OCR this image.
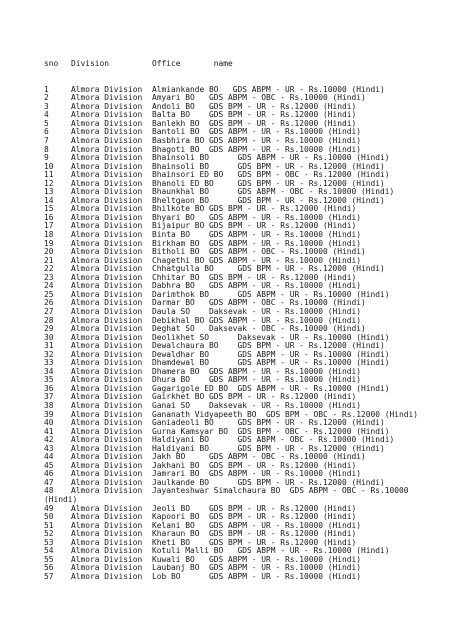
sno Division	Office	name

1	Almora Division Almiankande BO   GDS ABPM - UR - Rs.10000 (Hindi)
2	Almora Division Amyari BO   GDS ABPM - OBC - Rs.10000 (Hindi)
3	Almora Division Andoli BO   GDS BPM - UR - Rs.12000 (Hindi)
4	Almora Division Balta BO    GDS BPM - UR - Rs.12000 (Hindi)
5	Almora Division Banlekh BO  GDS BPM - UR - Rs.12000 (Hindi)
6	Almora Division Bantoli BO  GDS ABPM - UR - Rs.10000 (Hindi)
7	Almora Division Basbhira BO GDS ABPM - UR - Rs.10000 (Hindi)
8	Almora Division Bhagoti BO  GDS ABPM - UR - Rs.10000 (Hindi)
9	Almora Division Bhainsoli BO      GDS ABPM - UR - Rs.10000 (Hindi)
10 Almora Division Bhainsoli BO      GDS BPM - UR - Rs.12000 (Hindi)
11 Almora Division Bhainsori ED BO   GDS BPM - OBC - Rs.12000 (Hindi)
12 Almora Division Bhanoli ED BO     GDS BPM - UR - Rs.12000 (Hindi)
13 Almora Division Bhaunkhal BO      GDS ABPM - OBC - Rs.10000 (Hindi)
14 Almora Division Bheltgaon BO      GDS BPM - UR - Rs.12000 (Hindi)
15 Almora Division Bhilkote BO GDS BPM - UR - Rs.12000 (Hindi)
16 Almora Division Bhyari BO   GDS ABPM - UR - Rs.10000 (Hindi)
17 Almora Division Bijaipur BO GDS BPM - UR - Rs.12000 (Hindi)
18 Almora Division Binta BO    GDS ABPM - UR - Rs.10000 (Hindi)
19 Almora Division Birkham BO  GDS ABPM - UR - Rs.10000 (Hindi)
20 Almora Division Bitholi BO  GDS ABPM - OBC - Rs.10000 (Hindi)
21 Almora Division Chagethi BO GDS ABPM - UR - Rs.10000 (Hindi)
22 Almora Division Chhatgulla BO     GDS BPM - UR - Rs.12000 (Hindi)
23 Almora Division Chhitar BO  GDS BPM - UR - Rs.12000 (Hindi)
24 Almora Division Dabhra BO   GDS ABPM - UR - Rs.10000 (Hindi)
25 Almora Division Darimthok BO      GDS ABPM - UR - Rs.10000 (Hindi)
26 Almora Division Darmar BO   GDS ABPM - OBC - Rs.10000 (Hindi)
27 Almora Division Daula SO    Daksevak - UR - Rs.10000 (Hindi)
28 Almora Division Debikhal BO GDS ABPM - UR - Rs.10000 (Hindi)
29 Almora Division Deghat SO   Daksevak - OBC - Rs.10000 (Hindi)
30 Almora Division Deolikhet SO      Daksevak - UR - Rs.10000 (Hindi)
31 Almora Division Dewalchaura BO    GDS BPM - UR - Rs.12000 (Hindi)
32 Almora Division Dewaldhar BO      GDS ABPM - UR - Rs.10000 (Hindi)
33 Almora Division Dhamdewal BO      GDS ABPM - UR - Rs.10000 (Hindi)
34 Almora Division Dhamera BO  GDS ABPM - UR - Rs.10000 (Hindi)
35 Almora Division Dhura BO    GDS ABPM - UR - Rs.10000 (Hindi)
36 Almora Division Gagarigole ED BO  GDS ABPM - UR - Rs.10000 (Hindi)
37 Almora Division Gairkhet BO GDS BPM - UR - Rs.12000 (Hindi)
38 Almora Division Ganai SO    Daksevak - UR - Rs.10000 (Hindi)
39 Almora Division Gananath Vidyapeeth BO  GDS BPM - OBC - Rs.12000 (Hindi)
40 Almora Division Ganiadeoli BO     GDS BPM - UR - Rs.12000 (Hindi)
41 Almora Division Gurna Kamsyar BO  GDS BPM - OBC - Rs.12000 (Hindi)
42 Almora Division Haldiyani BO      GDS ABPM - OBC - Rs.10000 (Hindi)
43 Almora Division Haldiyani BO      GDS BPM - UR - Rs.12000 (Hindi)
44 Almora Division Jakh BO     GDS ABPM - OBC - Rs.10000 (Hindi)
45 Almora Division Jakhani BO  GDS BPM - UR - Rs.12000 (Hindi)
46 Almora Division Jamrari BO  GDS ABPM - UR - Rs.10000 (Hindi)
47 Almora Division Jaulkande BO      GDS BPM - UR - Rs.12000 (Hindi)
48 Almora Division Jayanteshwar Simalchaura BO  GDS ABPM - OBC - Rs.10000
(Hindi)
49 Almora Division Jeoli BO    GDS BPM - UR - Rs.12000 (Hindi)
50 Almora Division Kapoori BO  GDS BPM - UR - Rs.12000 (Hindi)
51 Almora Division Kelani BO   GDS ABPM - UR - Rs.10000 (Hindi)
52 Almora Division Kharaun BO  GDS BPM - UR - Rs.12000 (Hindi)
53 Almora Division Kheti BO    GDS BPM - UR - Rs.12000 (Hindi)
54 Almora Division Kotuli Malli BO   GDS ABPM - UR - Rs.10000 (Hindi)
55 Almora Division Kuwali BO   GDS ABPM - UR - Rs.10000 (Hindi)
56 Almora Division Laubanj BO  GDS ABPM - UR - Rs.10000 (Hindi)
57 Almora Division Lob BO      GDS ABPM - UR - Rs.10000 (Hindi)
